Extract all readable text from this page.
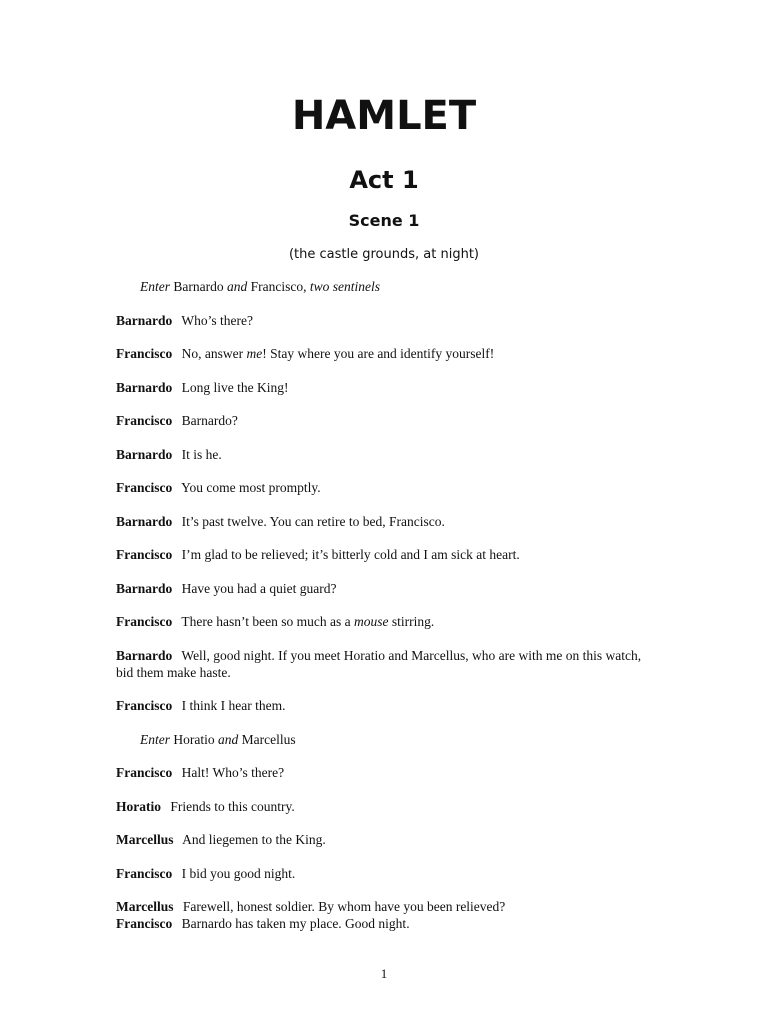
HAMLET
Act 1
Scene 1

(the castle grounds, at night)

Enter Barnardo and Francisco, two sentinels

Barnardo Who’s there?

Francisco No, answer me! Stay where you are and identify yourself!

Barnardo Long live the King!

Francisco Barnardo?

Barnardo It is he.

Francisco You come most promptly.

Barnardo It’s past twelve. You can retire to bed, Francisco.

Francisco I’m glad to be relieved; it’s bitterly cold and I am sick at heart.

Barnardo Have you had a quiet guard?

Francisco There hasn’t been so much as a mouse stirring.

Barnardo Well, good night. If you meet Horatio and Marcellus, who are with me on this watch, bid them make haste.

Francisco I think I hear them.

Enter Horatio and Marcellus

Francisco Halt! Who’s there?

Horatio Friends to this country.

Marcellus And liegemen to the King.

Francisco I bid you good night.

Marcellus Farewell, honest soldier. By whom have you been relieved?

Francisco Barnardo has taken my place. Good night.

1
